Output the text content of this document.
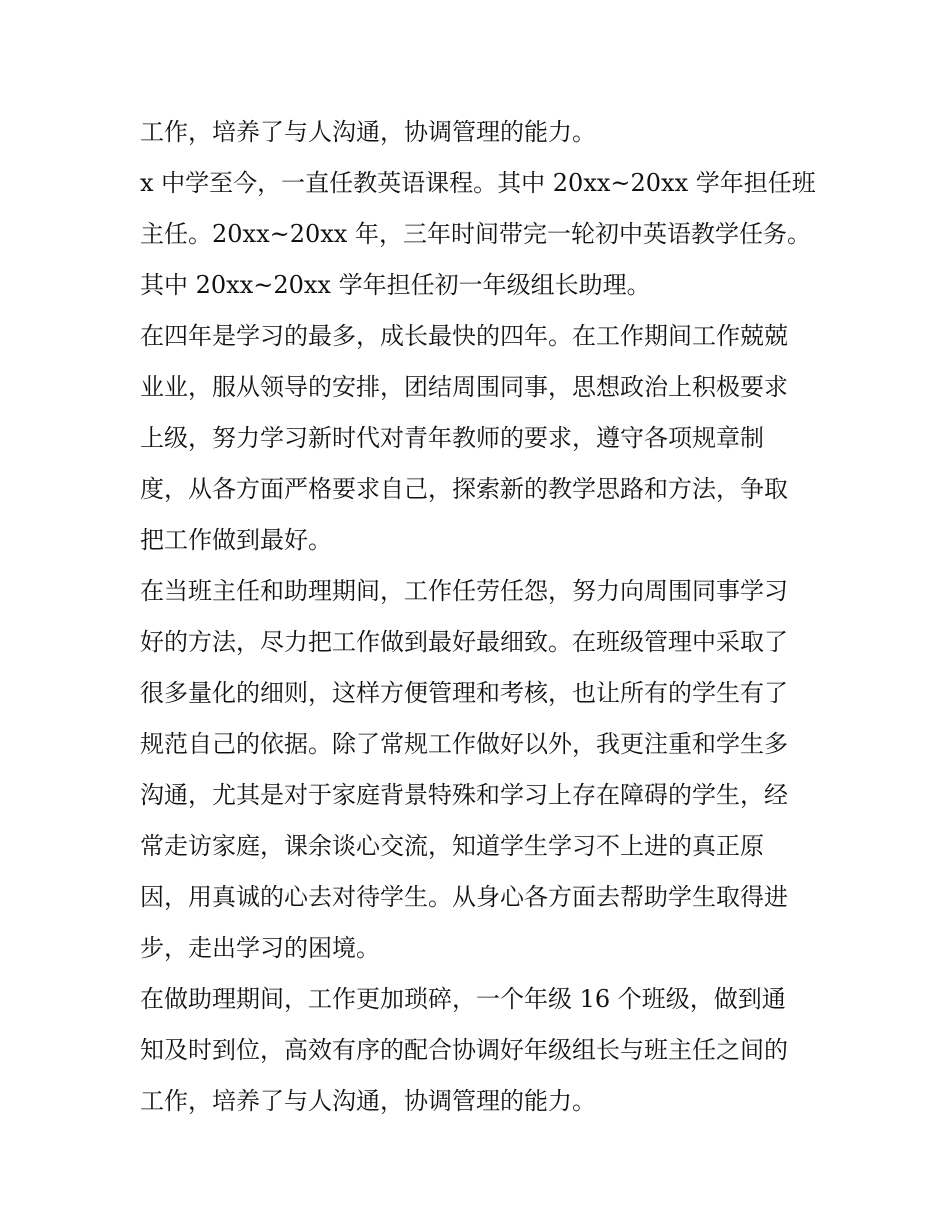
工作，培养了与人沟通，协调管理的能力。
x 中学至今，一直任教英语课程。其中 20xx~20xx 学年担任班
主任。20xx~20xx 年，三年时间带完一轮初中英语教学任务。
其中 20xx~20xx 学年担任初一年级组长助理。
在四年是学习的最多，成长最快的四年。在工作期间工作兢兢
业业，服从领导的安排，团结周围同事，思想政治上积极要求
上级，努力学习新时代对青年教师的要求，遵守各项规章制
度，从各方面严格要求自己，探索新的教学思路和方法，争取
把工作做到最好。
在当班主任和助理期间，工作任劳任怨，努力向周围同事学习
好的方法，尽力把工作做到最好最细致。在班级管理中采取了
很多量化的细则，这样方便管理和考核，也让所有的学生有了
规范自己的依据。除了常规工作做好以外，我更注重和学生多
沟通，尤其是对于家庭背景特殊和学习上存在障碍的学生，经
常走访家庭，课余谈心交流，知道学生学习不上进的真正原
因，用真诚的心去对待学生。从身心各方面去帮助学生取得进
步，走出学习的困境。
在做助理期间，工作更加琐碎，一个年级 16 个班级，做到通
知及时到位，高效有序的配合协调好年级组长与班主任之间的
工作，培养了与人沟通，协调管理的能力。
